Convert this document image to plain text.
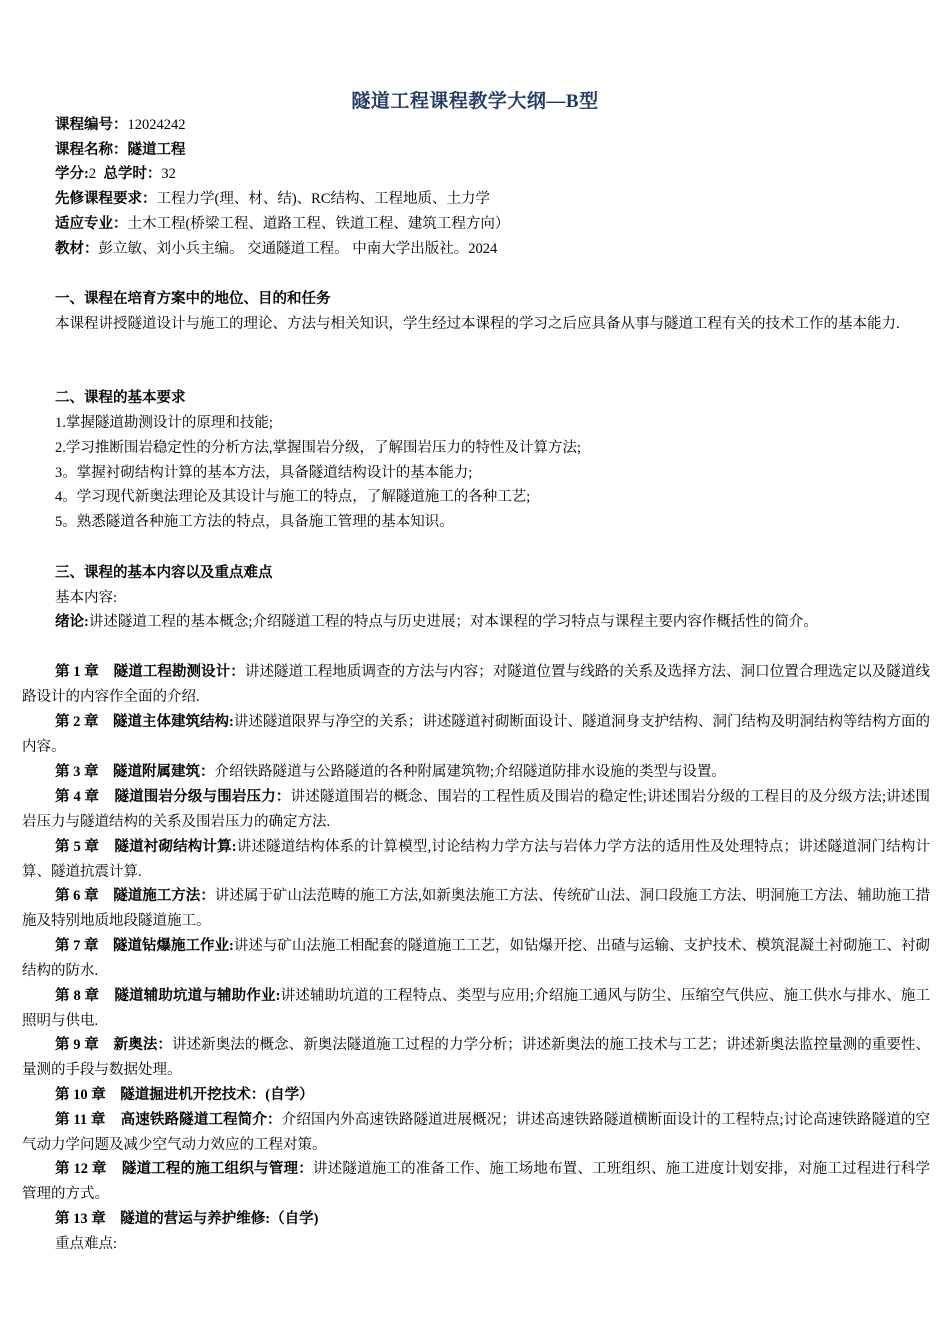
隧道工程课程教学大纲—B型
课程编号：12024242
课程名称：隧道工程
学分:2 总学时：32
先修课程要求：工程力学(理、材、结)、RC结构、工程地质、土力学
适应专业：土木工程(桥梁工程、道路工程、铁道工程、建筑工程方向）
教材：彭立敏、刘小兵主编。 交通隧道工程。 中南大学出版社。2024
一、课程在培育方案中的地位、目的和任务
本课程讲授隧道设计与施工的理论、方法与相关知识，学生经过本课程的学习之后应具备从事与隧道工程有关的技术工作的基本能力.
二、课程的基本要求
1.掌握隧道勘测设计的原理和技能;
2.学习推断围岩稳定性的分析方法,掌握围岩分级，了解围岩压力的特性及计算方法;
3。掌握衬砌结构计算的基本方法，具备隧道结构设计的基本能力;
4。学习现代新奥法理论及其设计与施工的特点，了解隧道施工的各种工艺;
5。熟悉隧道各种施工方法的特点，具备施工管理的基本知识。
三、课程的基本内容以及重点难点
基本内容:
绪论:讲述隧道工程的基本概念;介绍隧道工程的特点与历史进展；对本课程的学习特点与课程主要内容作概括性的简介。
第 1 章 隧道工程勘测设计：讲述隧道工程地质调查的方法与内容；对隧道位置与线路的关系及选择方法、洞口位置合理选定以及隧道线路设计的内容作全面的介绍.
第 2 章 隧道主体建筑结构:讲述隧道限界与净空的关系；讲述隧道衬砌断面设计、隧道洞身支护结构、洞门结构及明洞结构等结构方面的内容。
第 3 章 隧道附属建筑：介绍铁路隧道与公路隧道的各种附属建筑物;介绍隧道防排水设施的类型与设置。
第 4 章 隧道围岩分级与围岩压力：讲述隧道围岩的概念、围岩的工程性质及围岩的稳定性;讲述围岩分级的工程目的及分级方法;讲述围岩压力与隧道结构的关系及围岩压力的确定方法.
第 5 章 隧道衬砌结构计算:讲述隧道结构体系的计算模型,讨论结构力学方法与岩体力学方法的适用性及处理特点；讲述隧道洞门结构计算、隧道抗震计算.
第 6 章 隧道施工方法：讲述属于矿山法范畴的施工方法,如新奥法施工方法、传统矿山法、洞口段施工方法、明洞施工方法、辅助施工措施及特别地质地段隧道施工。
第 7 章 隧道钻爆施工作业:讲述与矿山法施工相配套的隧道施工工艺，如钻爆开挖、出碴与运输、支护技术、模筑混凝土衬砌施工、衬砌结构的防水.
第 8 章 隧道辅助坑道与辅助作业:讲述辅助坑道的工程特点、类型与应用;介绍施工通风与防尘、压缩空气供应、施工供水与排水、施工照明与供电.
第 9 章 新奥法：讲述新奥法的概念、新奥法隧道施工过程的力学分析；讲述新奥法的施工技术与工艺；讲述新奥法监控量测的重要性、量测的手段与数据处理。
第 10 章 隧道掘进机开挖技术：(自学）
第 11 章 高速铁路隧道工程简介：介绍国内外高速铁路隧道进展概况；讲述高速铁路隧道横断面设计的工程特点;讨论高速铁路隧道的空气动力学问题及减少空气动力效应的工程对策。
第 12 章 隧道工程的施工组织与管理：讲述隧道施工的准备工作、施工场地布置、工班组织、施工进度计划安排，对施工过程进行科学管理的方式。
第 13 章 隧道的营运与养护维修:（自学)
重点难点:
